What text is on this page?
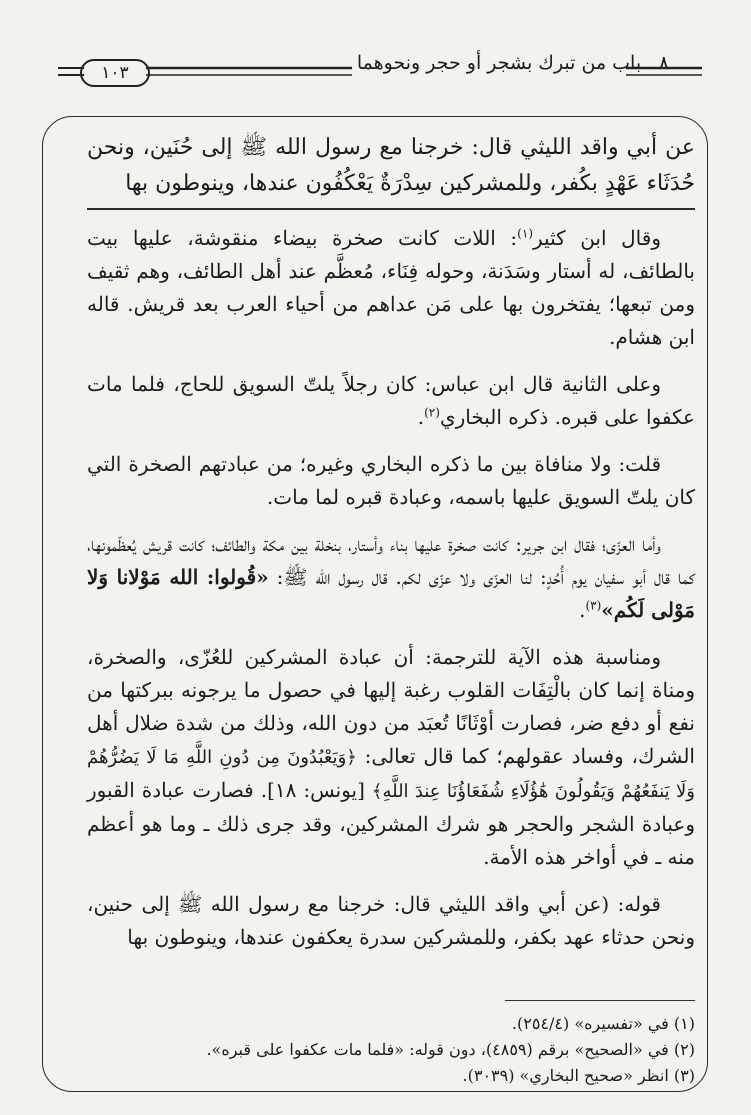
١٠٣	٨ ـ باب من تبرك بشجر أو حجر ونحوهما

عن أبي واقد الليثي قال: خرجنا مع رسول الله ﷺ إلى حُنَين، ونحن حُدَثَاء عَهْدٍ بكُفر، وللمشركين سِدْرَةٌ يَعْكُفُون عندها، وينوطون بها

وقال ابن كثير$^{(١)}$: اللات كانت صخرة بيضاء منقوشة، عليها بيت بالطائف، له أستار وسَدَنة، وحوله فِنَاء، مُعظَّم عند أهل الطائف، وهم ثقيف ومن تبعها؛ يفتخرون بها على مَن عداهم من أحياء العرب بعد قريش. قاله ابن هشام.

وعلى الثانية قال ابن عباس: كان رجلاً يلتّ السويق للحاج، فلما مات عكفوا على قبره. ذكره البخاري$^{(٢)}$.

قلت: ولا منافاة بين ما ذكره البخاري وغيره؛ من عبادتهم الصخرة التي كان يلتّ السويق عليها باسمه، وعبادة قبره لما مات.

وأما العزّى؛ فقال ابن جرير: كانت صخرة عليها بناء وأستار، بنخلة بين مكة والطائف؛ كانت قريش يُعظّمونها، كما قال أبو سفيان يوم أُحُدٍ: لنا العزّى ولا عزّى لكم. قال رسول الله ﷺ: «قُولوا: الله مَوْلانا وَلا مَوْلى لَكُم»$^{(٣)}$.

ومناسبة هذه الآية للترجمة: أن عبادة المشركين للعُزّى، والصخرة، ومناة إنما كان بالْتِفَات القلوب رغبة إليها في حصول ما يرجونه ببركتها من نفع أو دفع ضر، فصارت أوْثَانًا تُعبَد من دون الله، وذلك من شدة ضلال أهل الشرك، وفساد عقولهم؛ كما قال تعالى: ﴿وَيَعْبُدُونَ مِن دُونِ اللَّهِ مَا لَا يَضُرُّهُمْ وَلَا يَنفَعُهُمْ وَيَقُولُونَ هَٰؤُلَاءِ شُفَعَاؤُنَا عِندَ اللَّهِ﴾ [يونس: ١٨]. فصارت عبادة القبور وعبادة الشجر والحجر هو شرك المشركين، وقد جرى ذلك ـ وما هو أعظم منه ـ في أواخر هذه الأمة.

قوله: (عن أبي واقد الليثي قال: خرجنا مع رسول الله ﷺ إلى حنين، ونحن حدثاء عهد بكفر، وللمشركين سدرة يعكفون عندها، وينوطون بها

(١) في «تفسيره» (٢٥٤/٤).
(٢) في «الصحيح» برقم (٤٨٥٩)، دون قوله: «فلما مات عكفوا على قبره».
(٣) انظر «صحيح البخاري» (٣٠٣٩).
